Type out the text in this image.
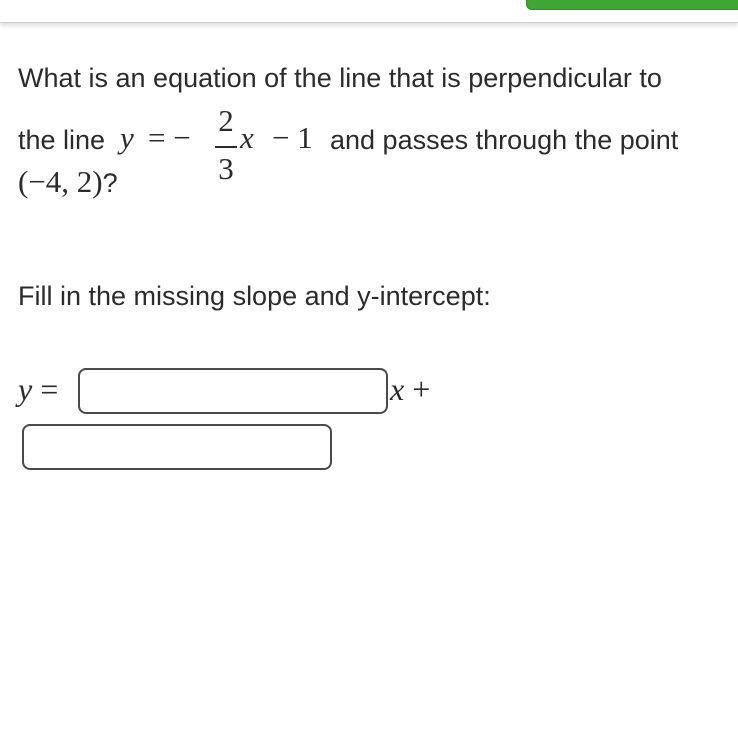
What is an equation of the line that is perpendicular to
the line y = − 2
3
x − 1 and passes through the point
(−4, 2)?
Fill in the missing slope and y-intercept:
y =	x +
